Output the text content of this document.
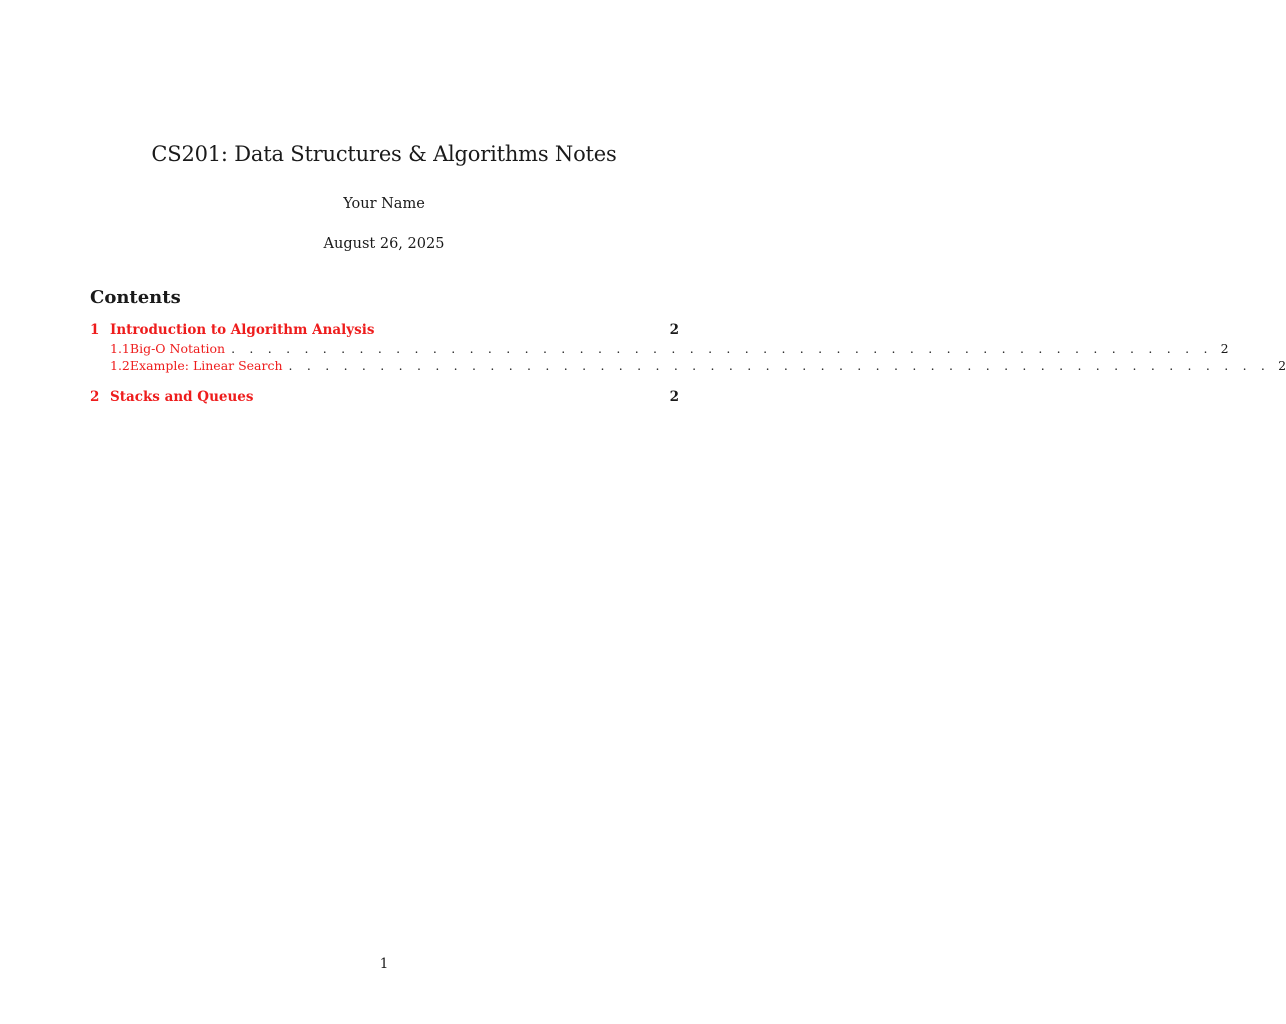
CS201: Data Structures & Algorithms Notes
Your Name
August 26, 2025
Contents
1 Introduction to Algorithm Analysis	2
1.1 Big-O Notation . . . . . . . . . . . . . . . . . . . . . . . . . . . . . . . . . . . . . . . . . . . . . . . . . . . . . . 2
1.2 Example: Linear Search . . . . . . . . . . . . . . . . . . . . . . . . . . . . . . . . . . . . . . . . . . . . . . . . . . . . . . 2
2 Stacks and Queues	2
1
